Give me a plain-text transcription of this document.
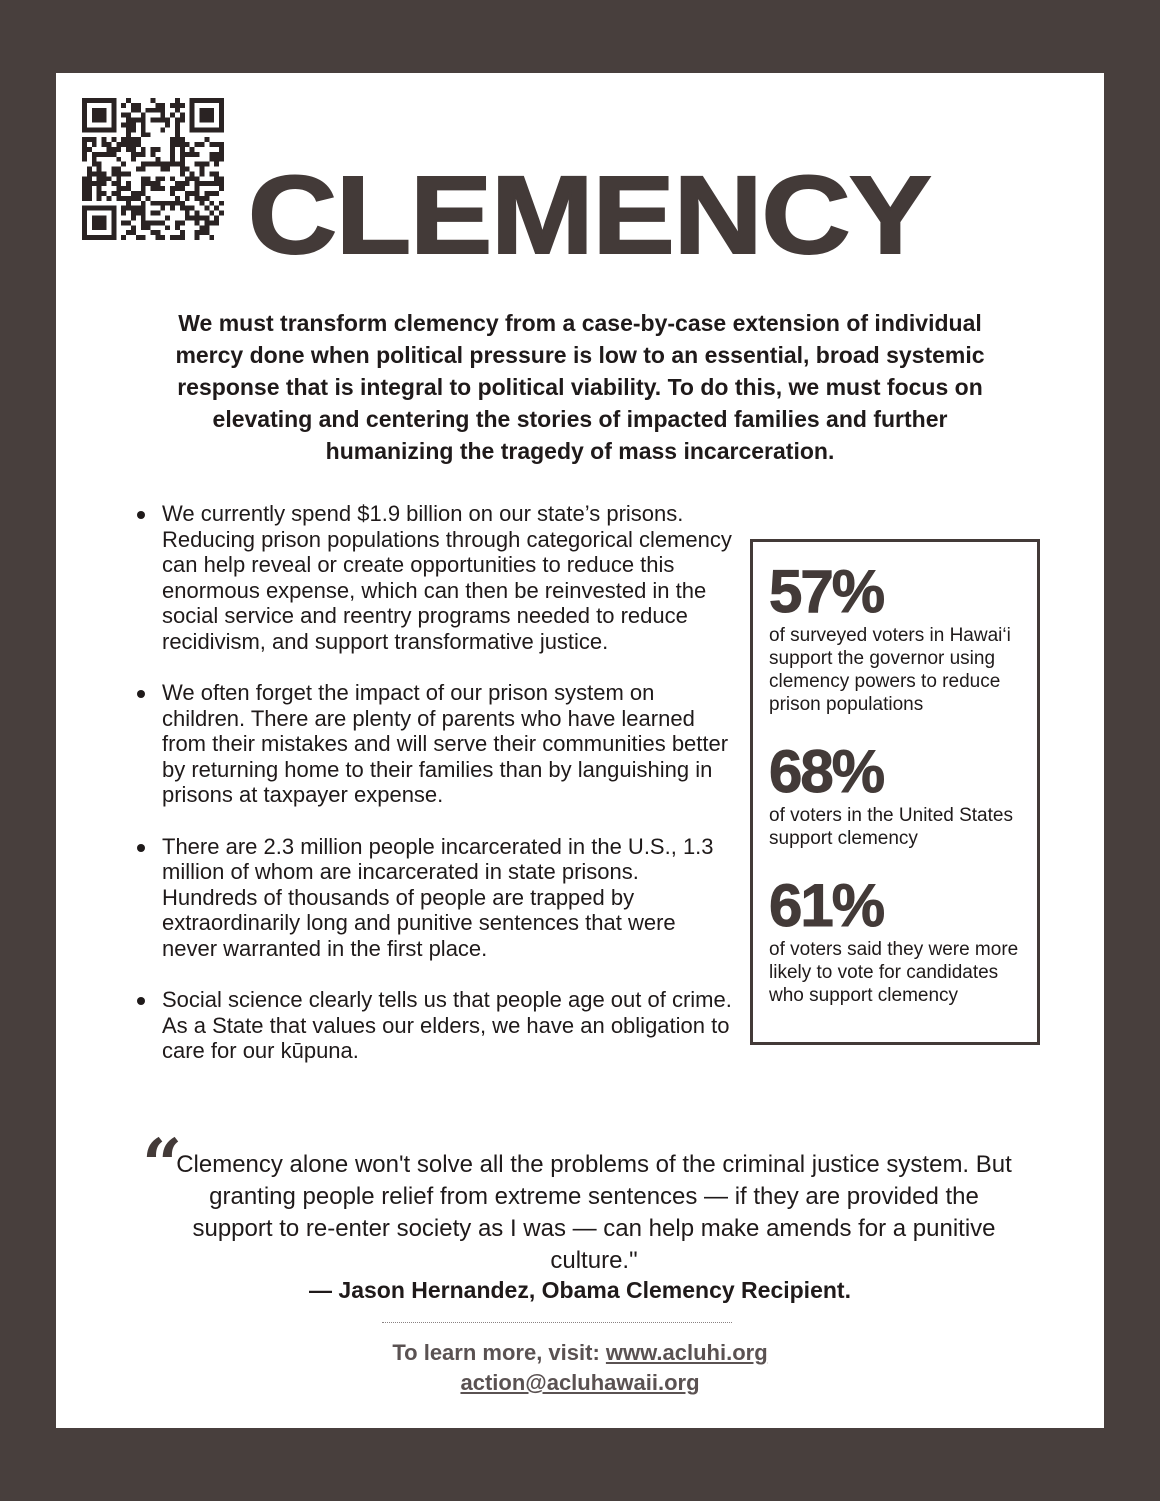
CLEMENCY
We must transform clemency from a case-by-case extension of individual mercy done when political pressure is low to an essential, broad systemic response that is integral to political viability. To do this, we must focus on elevating and centering the stories of impacted families and further humanizing the tragedy of mass incarceration.
We currently spend $1.9 billion on our state’s prisons. Reducing prison populations through categorical clemency can help reveal or create opportunities to reduce this enormous expense, which can then be reinvested in the social service and reentry programs needed to reduce recidivism, and support transformative justice.
We often forget the impact of our prison system on children. There are plenty of parents who have learned from their mistakes and will serve their communities better by returning home to their families than by languishing in prisons at taxpayer expense.
There are 2.3 million people incarcerated in the U.S., 1.3 million of whom are incarcerated in state prisons. Hundreds of thousands of people are trapped by extraordinarily long and punitive sentences that were never warranted in the first place.
Social science clearly tells us that people age out of crime. As a State that values our elders, we have an obligation to care for our kūpuna.
57%
of surveyed voters in Hawai‘i support the governor using clemency powers to reduce prison populations
68%
of voters in the United States support clemency
61%
of voters said they were more likely to vote for candidates who support clemency
“
Clemency alone won't solve all the problems of the criminal justice system. But granting people relief from extreme sentences — if they are provided the support to re-enter society as I was — can help make amends for a punitive culture."
— Jason Hernandez, Obama Clemency Recipient.
To learn more, visit: www.acluhi.org
action@acluhawaii.org
